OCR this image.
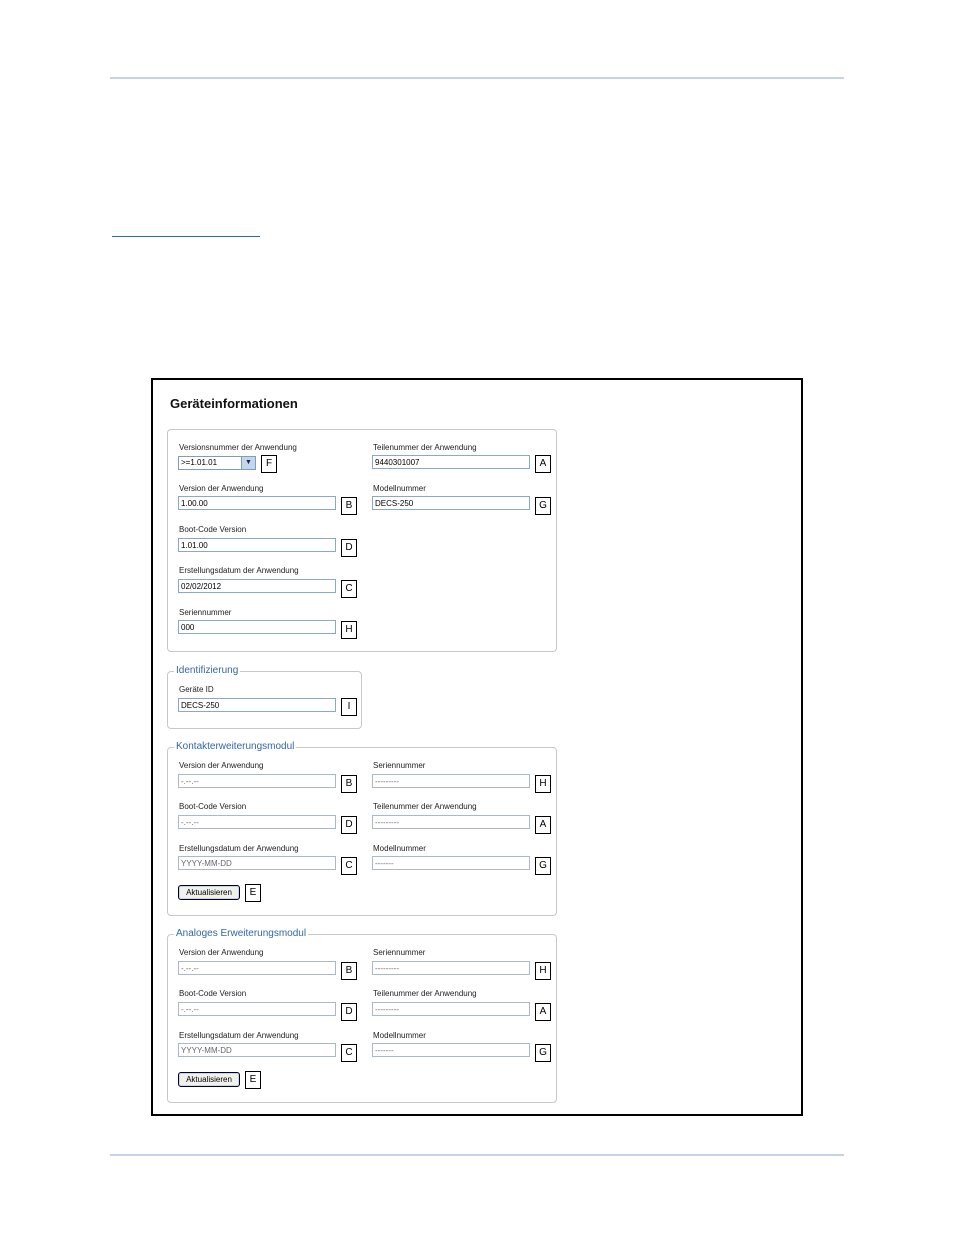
Geräteinformationen
Versionsnummer der Anwendung
>=1.01.01	▼	F
Teilenummer der Anwendung
9440301007	A
Version der Anwendung
1.00.00	B
Modellnummer
DECS-250	G
Boot-Code Version
1.01.00	D
Erstellungsdatum der Anwendung
02/02/2012	C
Seriennummer
000	H
Identifizierung
Geräte ID
DECS-250	I
Kontakterweiterungsmodul
Version der Anwendung
-.--.--	B
Seriennummer
---------	H
Boot-Code Version
-.--.--	D
Teilenummer der Anwendung
---------	A
Erstellungsdatum der Anwendung
YYYY-MM-DD	C
Modellnummer
-------	G
Aktualisieren	E
Analoges Erweiterungsmodul
Version der Anwendung
-.--.--	B
Seriennummer
---------	H
Boot-Code Version
-.--.--	D
Teilenummer der Anwendung
---------	A
Erstellungsdatum der Anwendung
YYYY-MM-DD	C
Modellnummer
-------	G
Aktualisieren	E
